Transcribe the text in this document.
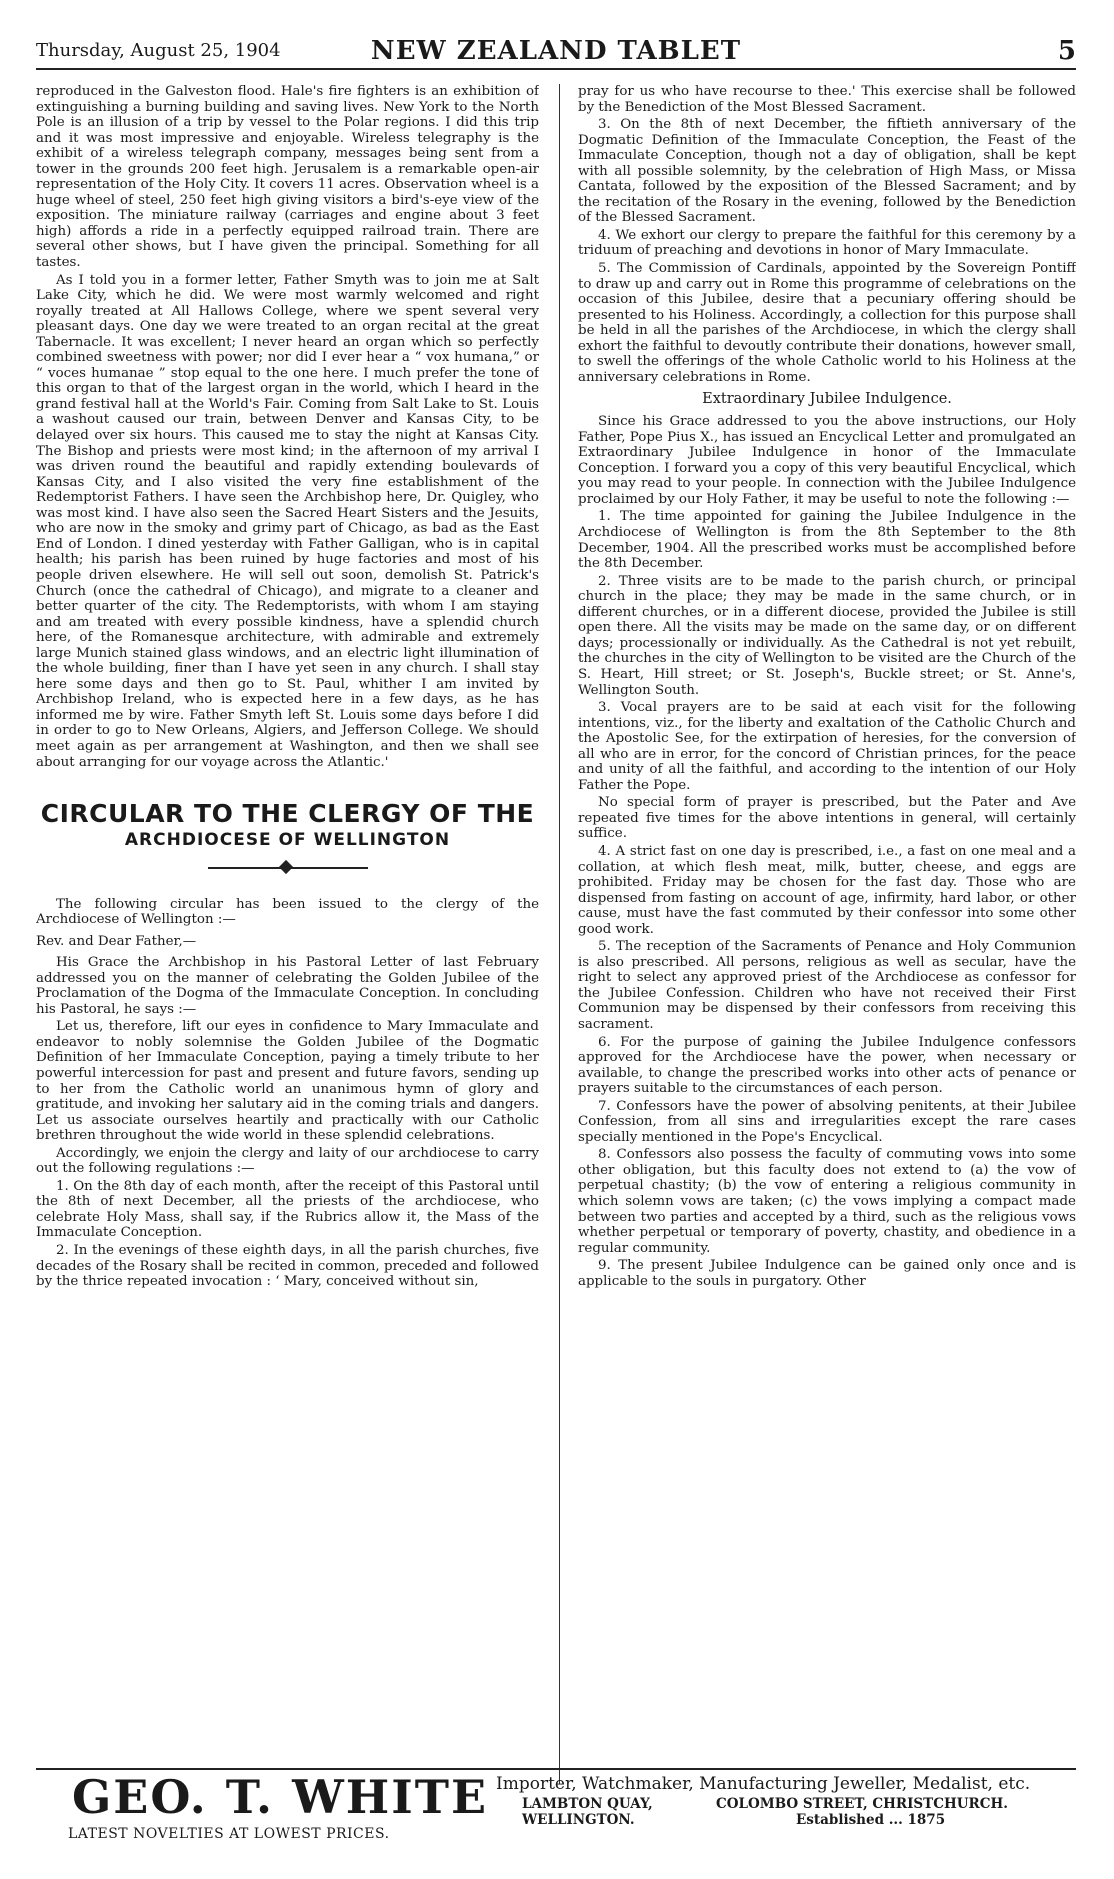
Thursday, August 25, 1904	NEW ZEALAND TABLET	5

reproduced in the Galveston flood. Hale's fire fighters is an exhibition of extinguishing a burning building and saving lives. New York to the North Pole is an illusion of a trip by vessel to the Polar regions. I did this trip and it was most impressive and enjoyable. Wireless telegraphy is the exhibit of a wireless telegraph company, messages being sent from a tower in the grounds 200 feet high. Jerusalem is a remarkable open-air representation of the Holy City. It covers 11 acres. Observation wheel is a huge wheel of steel, 250 feet high giving visitors a bird's-eye view of the exposition. The miniature railway (carriages and engine about 3 feet high) affords a ride in a perfectly equipped railroad train. There are several other shows, but I have given the principal. Something for all tastes.

As I told you in a former letter, Father Smyth was to join me at Salt Lake City, which he did. We were most warmly welcomed and right royally treated at All Hallows College, where we spent several very pleasant days. One day we were treated to an organ recital at the great Tabernacle. It was excellent; I never heard an organ which so perfectly combined sweetness with power; nor did I ever hear a “ vox humana,” or “ voces humanae ” stop equal to the one here. I much prefer the tone of this organ to that of the largest organ in the world, which I heard in the grand festival hall at the World's Fair. Coming from Salt Lake to St. Louis a washout caused our train, between Denver and Kansas City, to be delayed over six hours. This caused me to stay the night at Kansas City. The Bishop and priests were most kind; in the afternoon of my arrival I was driven round the beautiful and rapidly extending boulevards of Kansas City, and I also visited the very fine establishment of the Redemptorist Fathers. I have seen the Archbishop here, Dr. Quigley, who was most kind. I have also seen the Sacred Heart Sisters and the Jesuits, who are now in the smoky and grimy part of Chicago, as bad as the East End of London. I dined yesterday with Father Galligan, who is in capital health; his parish has been ruined by huge factories and most of his people driven elsewhere. He will sell out soon, demolish St. Patrick's Church (once the cathedral of Chicago), and migrate to a cleaner and better quarter of the city. The Redemptorists, with whom I am staying and am treated with every possible kindness, have a splendid church here, of the Romanesque architecture, with admirable and extremely large Munich stained glass windows, and an electric light illumination of the whole building, finer than I have yet seen in any church. I shall stay here some days and then go to St. Paul, whither I am invited by Archbishop Ireland, who is expected here in a few days, as he has informed me by wire. Father Smyth left St. Louis some days before I did in order to go to New Orleans, Algiers, and Jefferson College. We should meet again as per arrangement at Washington, and then we shall see about arranging for our voyage across the Atlantic.'

CIRCULAR TO THE CLERGY OF THE
ARCHDIOCESE OF WELLINGTON

The following circular has been issued to the clergy of the Archdiocese of Wellington :—

Rev. and Dear Father,—

His Grace the Archbishop in his Pastoral Letter of last February addressed you on the manner of celebrating the Golden Jubilee of the Proclamation of the Dogma of the Immaculate Conception. In concluding his Pastoral, he says :—

Let us, therefore, lift our eyes in confidence to Mary Immaculate and endeavor to nobly solemnise the Golden Jubilee of the Dogmatic Definition of her Immaculate Conception, paying a timely tribute to her powerful intercession for past and present and future favors, sending up to her from the Catholic world an unanimous hymn of glory and gratitude, and invoking her salutary aid in the coming trials and dangers. Let us associate ourselves heartily and practically with our Catholic brethren throughout the wide world in these splendid celebrations.

Accordingly, we enjoin the clergy and laity of our archdiocese to carry out the following regulations :—

1. On the 8th day of each month, after the receipt of this Pastoral until the 8th of next December, all the priests of the archdiocese, who celebrate Holy Mass, shall say, if the Rubrics allow it, the Mass of the Immaculate Conception.

2. In the evenings of these eighth days, in all the parish churches, five decades of the Rosary shall be recited in common, preceded and followed by the thrice repeated invocation : ‘ Mary, conceived without sin,

pray for us who have recourse to thee.' This exercise shall be followed by the Benediction of the Most Blessed Sacrament.

3. On the 8th of next December, the fiftieth anniversary of the Dogmatic Definition of the Immaculate Conception, the Feast of the Immaculate Conception, though not a day of obligation, shall be kept with all possible solemnity, by the celebration of High Mass, or Missa Cantata, followed by the exposition of the Blessed Sacrament; and by the recitation of the Rosary in the evening, followed by the Benediction of the Blessed Sacrament.

4. We exhort our clergy to prepare the faithful for this ceremony by a triduum of preaching and devotions in honor of Mary Immaculate.

5. The Commission of Cardinals, appointed by the Sovereign Pontiff to draw up and carry out in Rome this programme of celebrations on the occasion of this Jubilee, desire that a pecuniary offering should be presented to his Holiness. Accordingly, a collection for this purpose shall be held in all the parishes of the Archdiocese, in which the clergy shall exhort the faithful to devoutly contribute their donations, however small, to swell the offerings of the whole Catholic world to his Holiness at the anniversary celebrations in Rome.

Extraordinary Jubilee Indulgence.

Since his Grace addressed to you the above instructions, our Holy Father, Pope Pius X., has issued an Encyclical Letter and promulgated an Extraordinary Jubilee Indulgence in honor of the Immaculate Conception. I forward you a copy of this very beautiful Encyclical, which you may read to your people. In connection with the Jubilee Indulgence proclaimed by our Holy Father, it may be useful to note the following :—

1. The time appointed for gaining the Jubilee Indulgence in the Archdiocese of Wellington is from the 8th September to the 8th December, 1904. All the prescribed works must be accomplished before the 8th December.

2. Three visits are to be made to the parish church, or principal church in the place; they may be made in the same church, or in different churches, or in a different diocese, provided the Jubilee is still open there. All the visits may be made on the same day, or on different days; processionally or individually. As the Cathedral is not yet rebuilt, the churches in the city of Wellington to be visited are the Church of the S. Heart, Hill street; or St. Joseph's, Buckle street; or St. Anne's, Wellington South.

3. Vocal prayers are to be said at each visit for the following intentions, viz., for the liberty and exaltation of the Catholic Church and the Apostolic See, for the extirpation of heresies, for the conversion of all who are in error, for the concord of Christian princes, for the peace and unity of all the faithful, and according to the intention of our Holy Father the Pope.

No special form of prayer is prescribed, but the Pater and Ave repeated five times for the above intentions in general, will certainly suffice.

4. A strict fast on one day is prescribed, i.e., a fast on one meal and a collation, at which flesh meat, milk, butter, cheese, and eggs are prohibited. Friday may be chosen for the fast day. Those who are dispensed from fasting on account of age, infirmity, hard labor, or other cause, must have the fast commuted by their confessor into some other good work.

5. The reception of the Sacraments of Penance and Holy Communion is also prescribed. All persons, religious as well as secular, have the right to select any approved priest of the Archdiocese as confessor for the Jubilee Confession. Children who have not received their First Communion may be dispensed by their confessors from receiving this sacrament.

6. For the purpose of gaining the Jubilee Indulgence confessors approved for the Archdiocese have the power, when necessary or available, to change the prescribed works into other acts of penance or prayers suitable to the circumstances of each person.

7. Confessors have the power of absolving penitents, at their Jubilee Confession, from all sins and irregularities except the rare cases specially mentioned in the Pope's Encyclical.

8. Confessors also possess the faculty of commuting vows into some other obligation, but this faculty does not extend to (a) the vow of perpetual chastity; (b) the vow of entering a religious community in which solemn vows are taken; (c) the vows implying a compact made between two parties and accepted by a third, such as the religious vows whether perpetual or temporary of poverty, chastity, and obedience in a regular community.

9. The present Jubilee Indulgence can be gained only once and is applicable to the souls in purgatory. Other

GEO. T. WHITE
LATEST NOVELTIES AT LOWEST PRICES.
Importer, Watchmaker, Manufacturing Jeweller, Medalist, etc.
LAMBTON QUAY,
WELLINGTON.
COLOMBO STREET, CHRISTCHURCH.
Established ... 1875
